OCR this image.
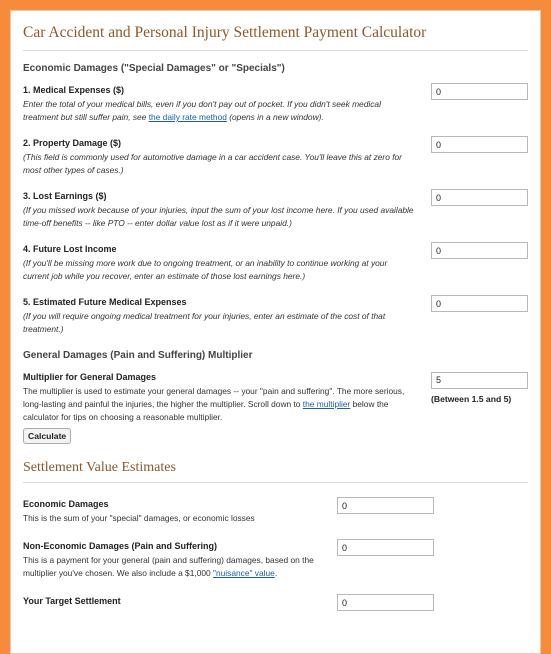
Car Accident and Personal Injury Settlement Payment Calculator
Economic Damages ("Special Damages" or "Specials")
1. Medical Expenses ($)
Enter the total of your medical bills, even if you don't pay out of pocket. If you didn't seek medical treatment but still suffer pain, see the daily rate method (opens in a new window).
0
2. Property Damage ($)
(This field is commonly used for automotive damage in a car accident case. You'll leave this at zero for most other types of cases.)
0
3. Lost Earnings ($)
(If you missed work because of your injuries, input the sum of your lost income here. If you used available time-off benefits -- like PTO -- enter dollar value lost as if it were unpaid.)
0
4. Future Lost Income
(If you'll be missing more work due to ongoing treatment, or an inability to continue working at your current job while you recover, enter an estimate of those lost earnings here.)
0
5. Estimated Future Medical Expenses
(If you will require ongoing medical treatment for your injuries, enter an estimate of the cost of that treatment.)
0
General Damages (Pain and Suffering) Multiplier
Multiplier for General Damages
The multiplier is used to estimate your general damages -- your "pain and suffering". The more serious, long-lasting and painful the injuries, the higher the multiplier. Scroll down to the multiplier below the calculator for tips on choosing a reasonable multiplier.
5
(Between 1.5 and 5)
Calculate
Settlement Value Estimates
Economic Damages
This is the sum of your "special" damages, or economic losses
0
Non-Economic Damages (Pain and Suffering)
This is a payment for your general (pain and suffering) damages, based on the multiplier you've chosen. We also include a $1,000 "nuisance" value.
0
Your Target Settlement
0
